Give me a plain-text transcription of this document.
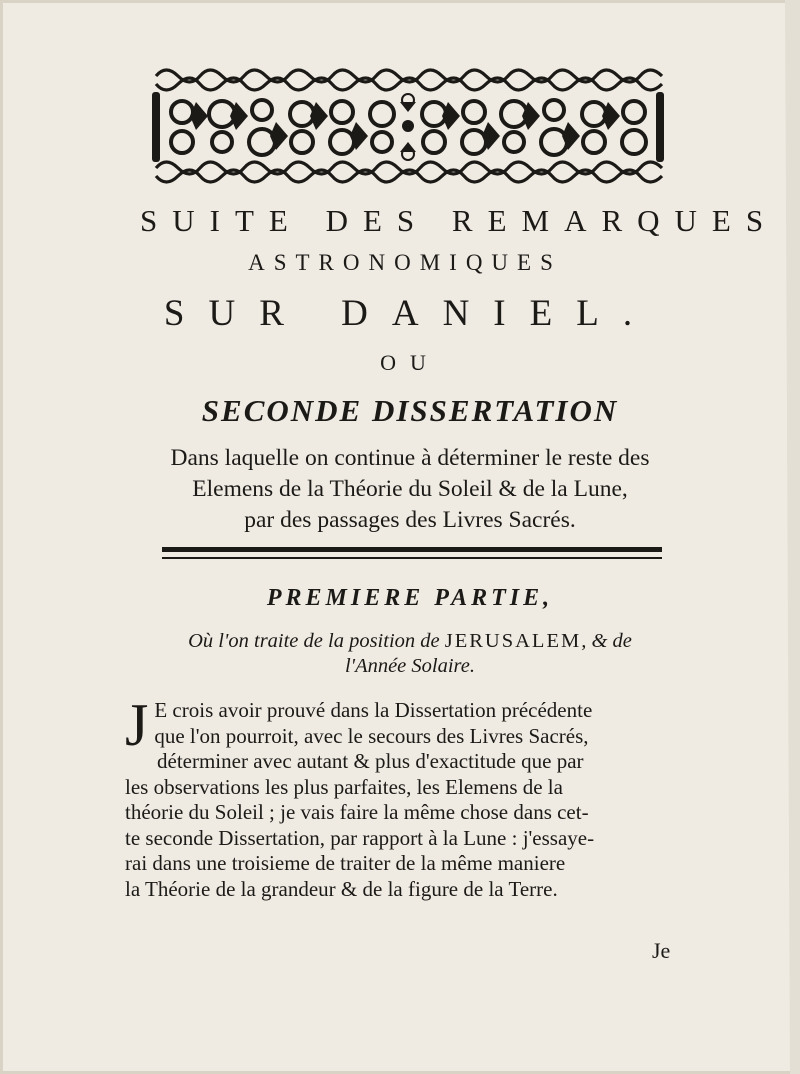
SUITE DES REMARQUES
ASTRONOMIQUES
SUR DANIEL.
OU
SECONDE DISSERTATION
Dans laquelle on continue à déterminer le reste des
Elemens de la Théorie du Soleil & de la Lune,
par des passages des Livres Sacrés.
PREMIERE PARTIE,
Où l'on traite de la position de JERUSALEM, & de
l'Année Solaire.
J E crois avoir prouvé dans la Dissertation précédente
que l'on pourroit, avec le secours des Livres Sacrés,
déterminer avec autant & plus d'exactitude que par
les observations les plus parfaites, les Elemens de la
théorie du Soleil ; je vais faire la même chose dans cet-
te seconde Dissertation, par rapport à la Lune : j'essaye-
rai dans une troisieme de traiter de la même maniere
la Théorie de la grandeur & de la figure de la Terre.
Je
